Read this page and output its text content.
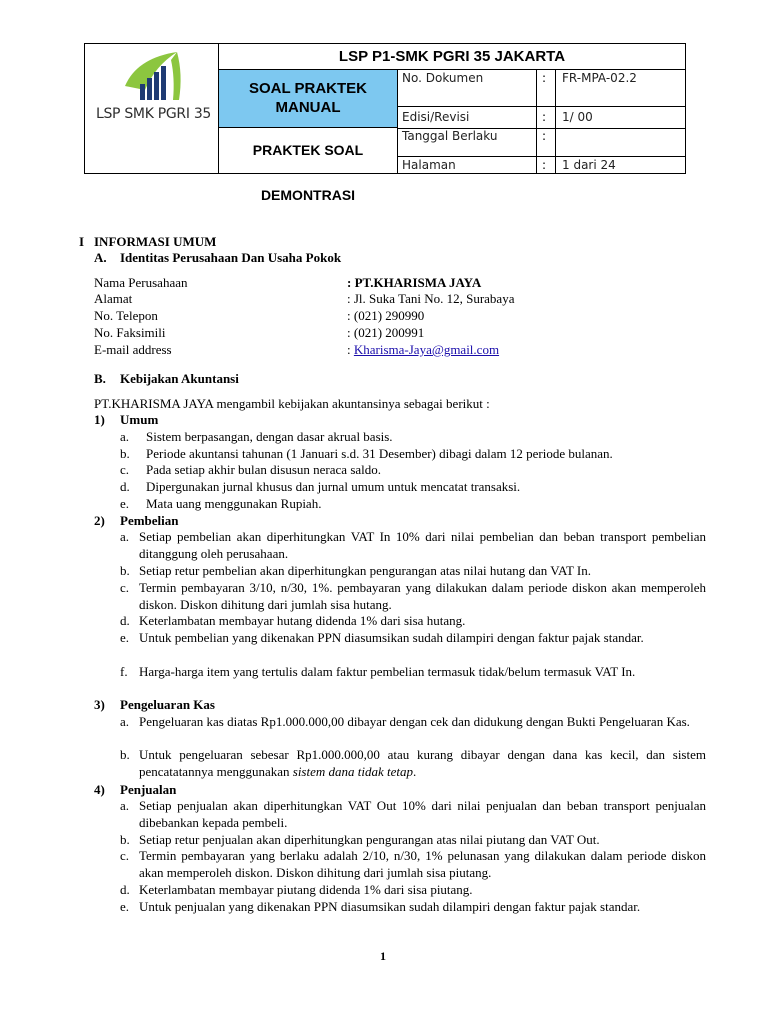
LSP SMK PGRI 35
LSP P1-SMK PGRI 35 JAKARTA
SOAL PRAKTEK
MANUAL
PRAKTEK SOAL DEMONTRASI
No. Dokumen	: FR-MPA-02.2
Edisi/Revisi	: 1/ 00
Tanggal Berlaku	:
Halaman	: 1 dari 24
I INFORMASI UMUM
A. Identitas Perusahaan Dan Usaha Pokok
Nama Perusahaan	: PT.KHARISMA JAYA
Alamat	: Jl. Suka Tani No. 12, Surabaya
No. Telepon	: (021) 290990
No. Faksimili	: (021) 200991
E-mail address	: Kharisma-Jaya@gmail.com
B. Kebijakan Akuntansi
PT.KHARISMA JAYA mengambil kebijakan akuntansinya sebagai berikut :
1) Umum
a. Sistem berpasangan, dengan dasar akrual basis.
b. Periode akuntansi tahunan (1 Januari s.d. 31 Desember) dibagi dalam 12 periode bulanan.
c. Pada setiap akhir bulan disusun neraca saldo.
d. Dipergunakan jurnal khusus dan jurnal umum untuk mencatat transaksi.
e. Mata uang menggunakan Rupiah.
2) Pembelian
a. Setiap pembelian akan diperhitungkan VAT In 10% dari nilai pembelian dan beban transport pembelian ditanggung oleh perusahaan.
b. Setiap retur pembelian akan diperhitungkan pengurangan atas nilai hutang dan VAT In.
c. Termin pembayaran 3/10, n/30, 1%. pembayaran yang dilakukan dalam periode diskon akan memperoleh diskon. Diskon dihitung dari jumlah sisa hutang.
d. Keterlambatan membayar hutang didenda 1% dari sisa hutang.
e. Untuk pembelian yang dikenakan PPN diasumsikan sudah dilampiri dengan faktur pajak standar.
f. Harga-harga item yang tertulis dalam faktur pembelian termasuk tidak/belum termasuk VAT In.
3) Pengeluaran Kas
a. Pengeluaran kas diatas Rp1.000.000,00 dibayar dengan cek dan didukung dengan Bukti Pengeluaran Kas.
b. Untuk pengeluaran sebesar Rp1.000.000,00 atau kurang dibayar dengan dana kas kecil, dan sistem pencatatannya menggunakan sistem dana tidak tetap.
4) Penjualan
a. Setiap penjualan akan diperhitungkan VAT Out 10% dari nilai penjualan dan beban transport penjualan dibebankan kepada pembeli.
b. Setiap retur penjualan akan diperhitungkan pengurangan atas nilai piutang dan VAT Out.
c. Termin pembayaran yang berlaku adalah 2/10, n/30, 1% pelunasan yang dilakukan dalam periode diskon akan memperoleh diskon. Diskon dihitung dari jumlah sisa piutang.
d. Keterlambatan membayar piutang didenda 1% dari sisa piutang.
e. Untuk penjualan yang dikenakan PPN diasumsikan sudah dilampiri dengan faktur pajak standar.
1
